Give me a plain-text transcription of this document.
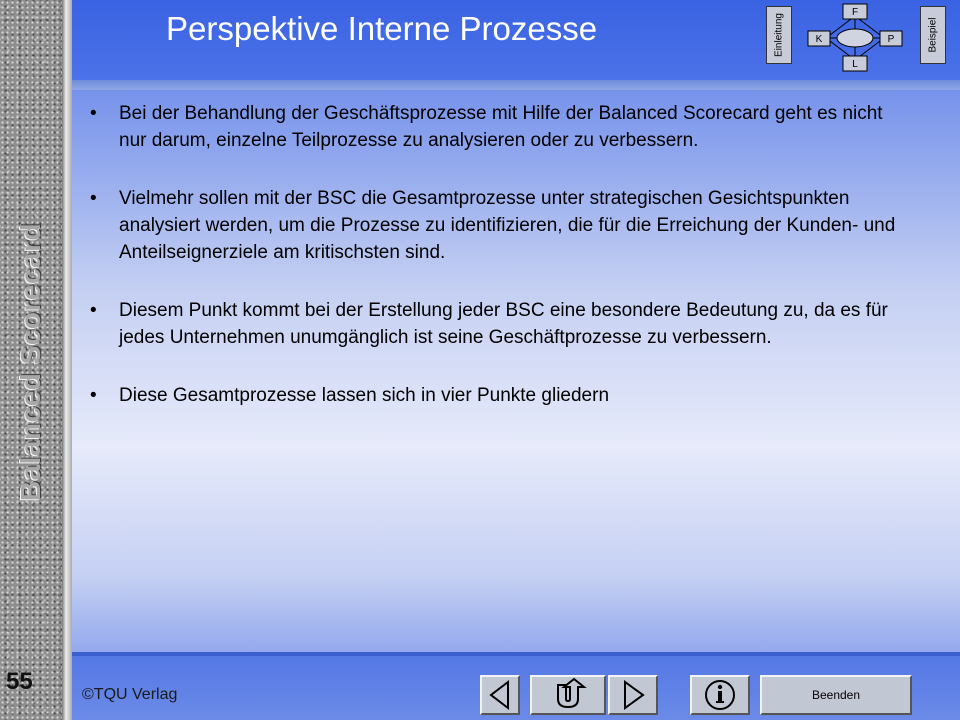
Balanced Scorecard
55
Perspektive Interne Prozesse	Einleitung
F
K	P
L
Beispiel
•	Bei der Behandlung der Geschäftsprozesse mit Hilfe der Balanced Scorecard geht es nicht nur darum, einzelne Teilprozesse zu analysieren oder zu verbessern.
•	Vielmehr sollen mit der BSC die Gesamtprozesse unter strategischen Gesichtspunkten analysiert werden, um die Prozesse zu identifizieren, die für die Erreichung der Kunden- und Anteilseignerziele am kritischsten sind.
•	Diesem Punkt kommt bei der Erstellung jeder BSC eine besondere Bedeutung zu, da es für jedes Unternehmen unumgänglich ist seine Geschäftprozesse zu verbessern.
•	Diese Gesamtprozesse lassen sich in vier Punkte gliedern
©TQU Verlag	Beenden
